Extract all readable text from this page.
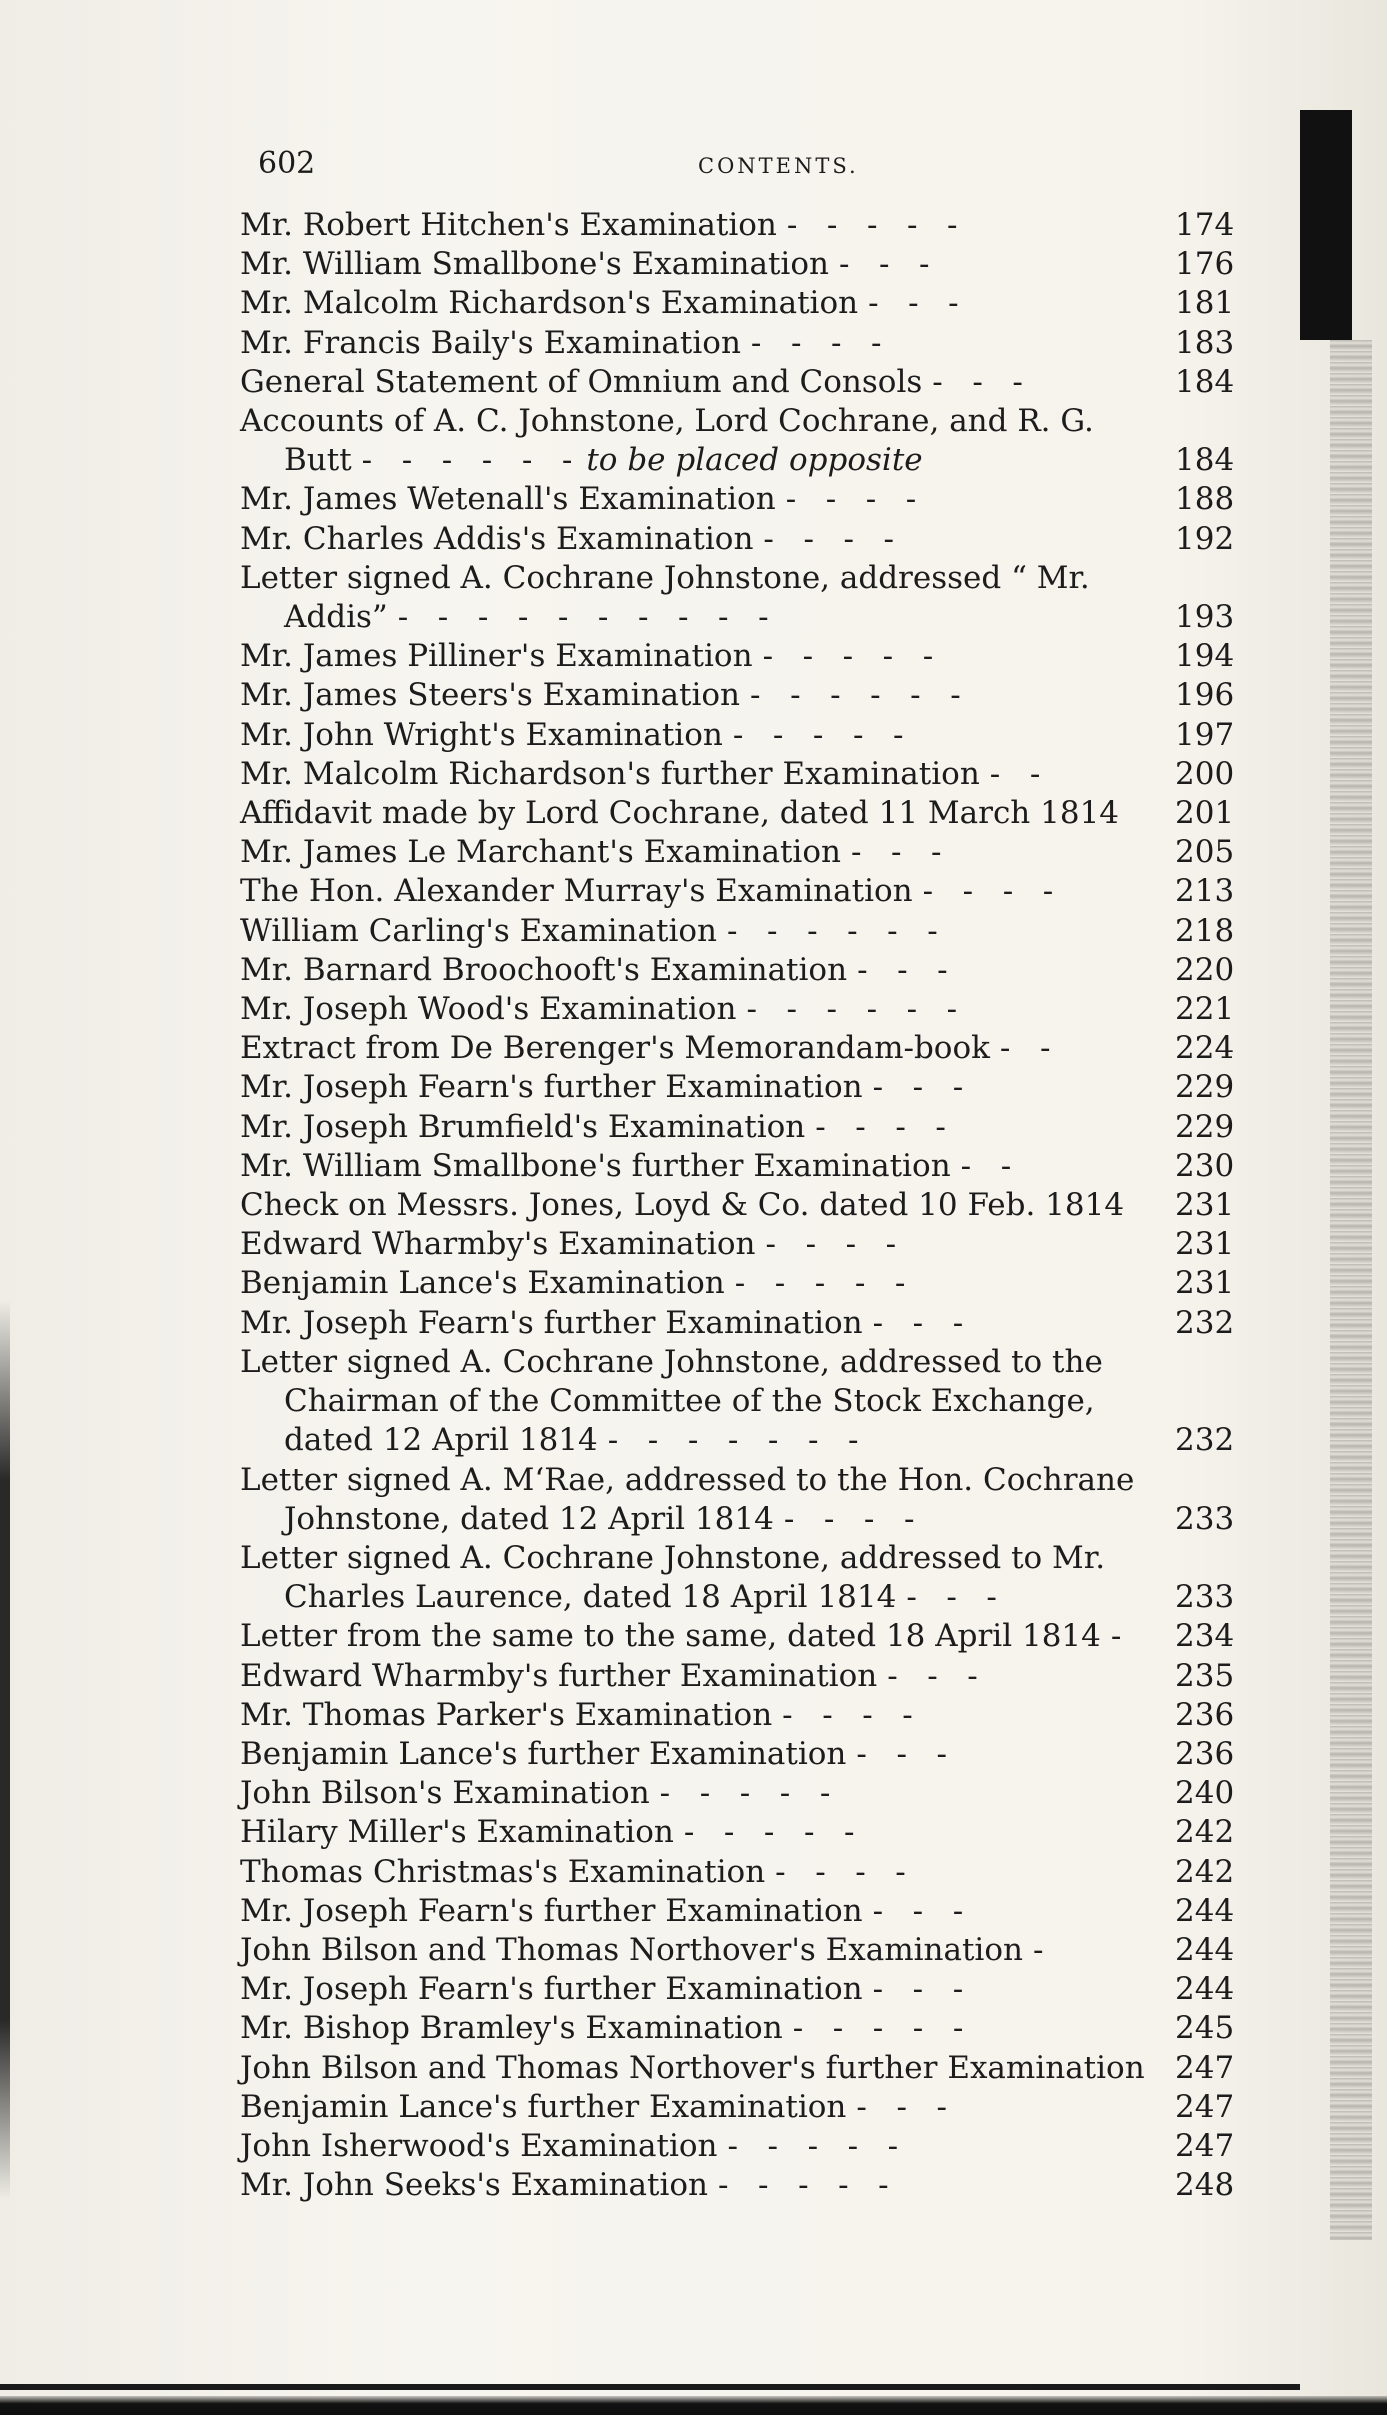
602	CONTENTS.
Mr. Robert Hitchen's Examination -   -   -   -   -	174
Mr. William Smallbone's Examination -   -   -	176
Mr. Malcolm Richardson's Examination -   -   -	181
Mr. Francis Baily's Examination -   -   -   -	183
General Statement of Omnium and Consols -   -   -	184
Accounts of A. C. Johnstone, Lord Cochrane, and R. G.
Butt -   -   -   -   -   - to be placed opposite	184
Mr. James Wetenall's Examination -   -   -   -	188
Mr. Charles Addis's Examination -   -   -   -	192
Letter signed A. Cochrane Johnstone, addressed “ Mr.
Addis” -   -   -   -   -   -   -   -   -   -	193
Mr. James Pilliner's Examination -   -   -   -   -	194
Mr. James Steers's Examination -   -   -   -   -   -	196
Mr. John Wright's Examination -   -   -   -   -	197
Mr. Malcolm Richardson's further Examination -   -	200
Affidavit made by Lord Cochrane, dated 11 March 1814	201
Mr. James Le Marchant's Examination -   -   -	205
The Hon. Alexander Murray's Examination -   -   -   -	213
William Carling's Examination -   -   -   -   -   -	218
Mr. Barnard Broochooft's Examination -   -   -	220
Mr. Joseph Wood's Examination -   -   -   -   -   -	221
Extract from De Berenger's Memorandam-book -   -	224
Mr. Joseph Fearn's further Examination -   -   -	229
Mr. Joseph Brumfield's Examination -   -   -   -	229
Mr. William Smallbone's further Examination -   -	230
Check on Messrs. Jones, Loyd & Co. dated 10 Feb. 1814	231
Edward Wharmby's Examination -   -   -   -	231
Benjamin Lance's Examination -   -   -   -   -	231
Mr. Joseph Fearn's further Examination -   -   -	232
Letter signed A. Cochrane Johnstone, addressed to the
Chairman of the Committee of the Stock Exchange,
dated 12 April 1814 -   -   -   -   -   -   -	232
Letter signed A. M‘Rae, addressed to the Hon. Cochrane
Johnstone, dated 12 April 1814 -   -   -   -	233
Letter signed A. Cochrane Johnstone, addressed to Mr.
Charles Laurence, dated 18 April 1814 -   -   -	233
Letter from the same to the same, dated 18 April 1814 -	234
Edward Wharmby's further Examination -   -   -	235
Mr. Thomas Parker's Examination -   -   -   -	236
Benjamin Lance's further Examination -   -   -	236
John Bilson's Examination -   -   -   -   -	240
Hilary Miller's Examination -   -   -   -   -	242
Thomas Christmas's Examination -   -   -   -	242
Mr. Joseph Fearn's further Examination -   -   -	244
John Bilson and Thomas Northover's Examination -	244
Mr. Joseph Fearn's further Examination -   -   -	244
Mr. Bishop Bramley's Examination -   -   -   -   -	245
John Bilson and Thomas Northover's further Examination 247
Benjamin Lance's further Examination -   -   -	247
John Isherwood's Examination -   -   -   -   -	247
Mr. John Seeks's Examination -   -   -   -   -	248
